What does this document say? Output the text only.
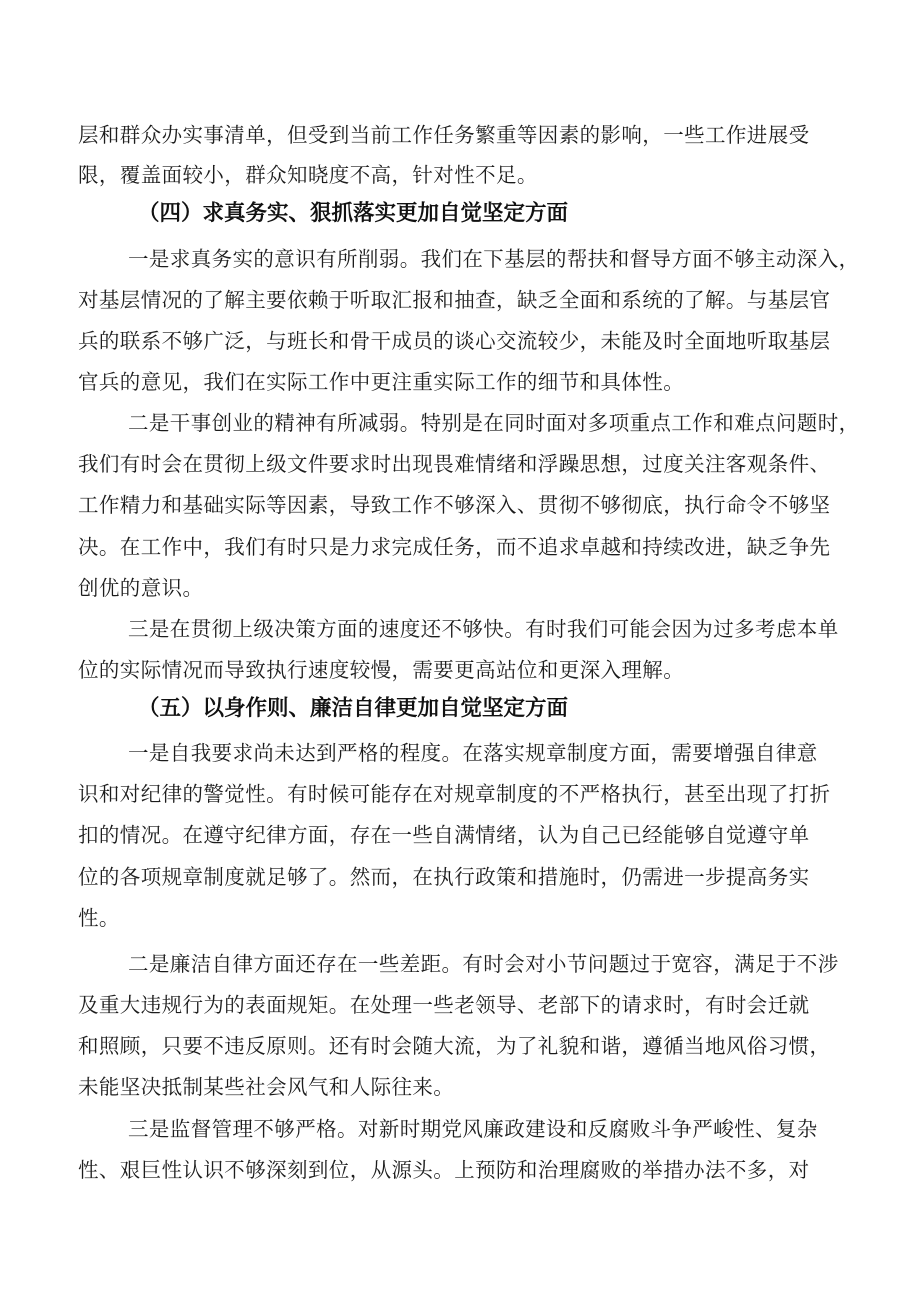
层和群众办实事清单，但受到当前工作任务繁重等因素的影响，一些工作进展受
限，覆盖面较小，群众知晓度不高，针对性不足。
（四）求真务实、狠抓落实更加自觉坚定方面
一是求真务实的意识有所削弱。我们在下基层的帮扶和督导方面不够主动深入，
对基层情况的了解主要依赖于听取汇报和抽查，缺乏全面和系统的了解。与基层官
兵的联系不够广泛，与班长和骨干成员的谈心交流较少，未能及时全面地听取基层
官兵的意见，我们在实际工作中更注重实际工作的细节和具体性。
二是干事创业的精神有所减弱。特别是在同时面对多项重点工作和难点问题时，
我们有时会在贯彻上级文件要求时出现畏难情绪和浮躁思想，过度关注客观条件、
工作精力和基础实际等因素，导致工作不够深入、贯彻不够彻底，执行命令不够坚
决。在工作中，我们有时只是力求完成任务，而不追求卓越和持续改进，缺乏争先
创优的意识。
三是在贯彻上级决策方面的速度还不够快。有时我们可能会因为过多考虑本单
位的实际情况而导致执行速度较慢，需要更高站位和更深入理解。
（五）以身作则、廉洁自律更加自觉坚定方面
一是自我要求尚未达到严格的程度。在落实规章制度方面，需要增强自律意
识和对纪律的警觉性。有时候可能存在对规章制度的不严格执行，甚至出现了打折
扣的情况。在遵守纪律方面，存在一些自满情绪，认为自己已经能够自觉遵守单
位的各项规章制度就足够了。然而，在执行政策和措施时，仍需进一步提高务实
性。
二是廉洁自律方面还存在一些差距。有时会对小节问题过于宽容，满足于不涉
及重大违规行为的表面规矩。在处理一些老领导、老部下的请求时，有时会迁就
和照顾，只要不违反原则。还有时会随大流，为了礼貌和谐，遵循当地风俗习惯，
未能坚决抵制某些社会风气和人际往来。
三是监督管理不够严格。对新时期党风廉政建设和反腐败斗争严峻性、复杂
性、艰巨性认识不够深刻到位，从源头。上预防和治理腐败的举措办法不多，对
